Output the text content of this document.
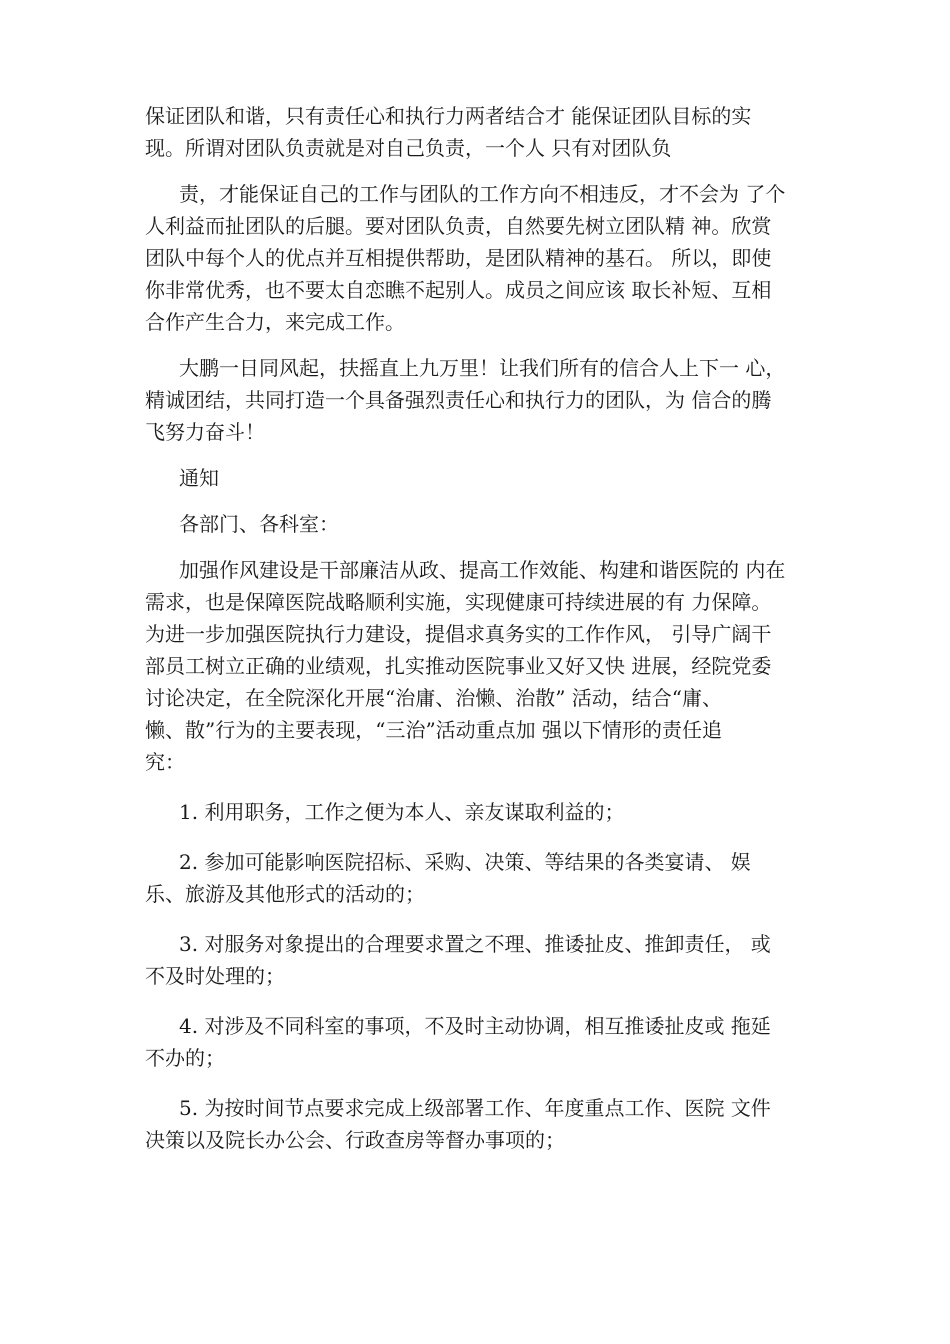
保证团队和谐，只有责任心和执行力两者结合才 能保证团队目标的实
现。所谓对团队负责就是对自己负责，一个人 只有对团队负

责，才能保证自己的工作与团队的工作方向不相违反，才不会为 了个
人利益而扯团队的后腿。要对团队负责，自然要先树立团队精 神。欣赏
团队中每个人的优点并互相提供帮助，是团队精神的基石。 所以，即使
你非常优秀，也不要太自恋瞧不起别人。成员之间应该 取长补短、互相
合作产生合力，来完成工作。

大鹏一日同风起，扶摇直上九万里！让我们所有的信合人上下一 心，
精诚团结，共同打造一个具备强烈责任心和执行力的团队，为 信合的腾
飞努力奋斗！

通知

各部门、各科室：

加强作风建设是干部廉洁从政、提高工作效能、构建和谐医院的 内在
需求，也是保障医院战略顺利实施，实现健康可持续进展的有 力保障。
为进一步加强医院执行力建设，提倡求真务实的工作作风， 引导广阔干
部员工树立正确的业绩观，扎实推动医院事业又好又快 进展，经院党委
讨论决定，在全院深化开展“治庸、治懒、治散” 活动，结合“庸、
懒、散”行为的主要表现，“三治”活动重点加 强以下情形的责任追
究：

1. 利用职务，工作之便为本人、亲友谋取利益的；

2. 参加可能影响医院招标、采购、决策、等结果的各类宴请、 娱
乐、旅游及其他形式的活动的；

3. 对服务对象提出的合理要求置之不理、推诿扯皮、推卸责任， 或
不及时处理的；

4. 对涉及不同科室的事项，不及时主动协调，相互推诿扯皮或 拖延
不办的；

5. 为按时间节点要求完成上级部署工作、年度重点工作、医院 文件
决策以及院长办公会、行政查房等督办事项的；
